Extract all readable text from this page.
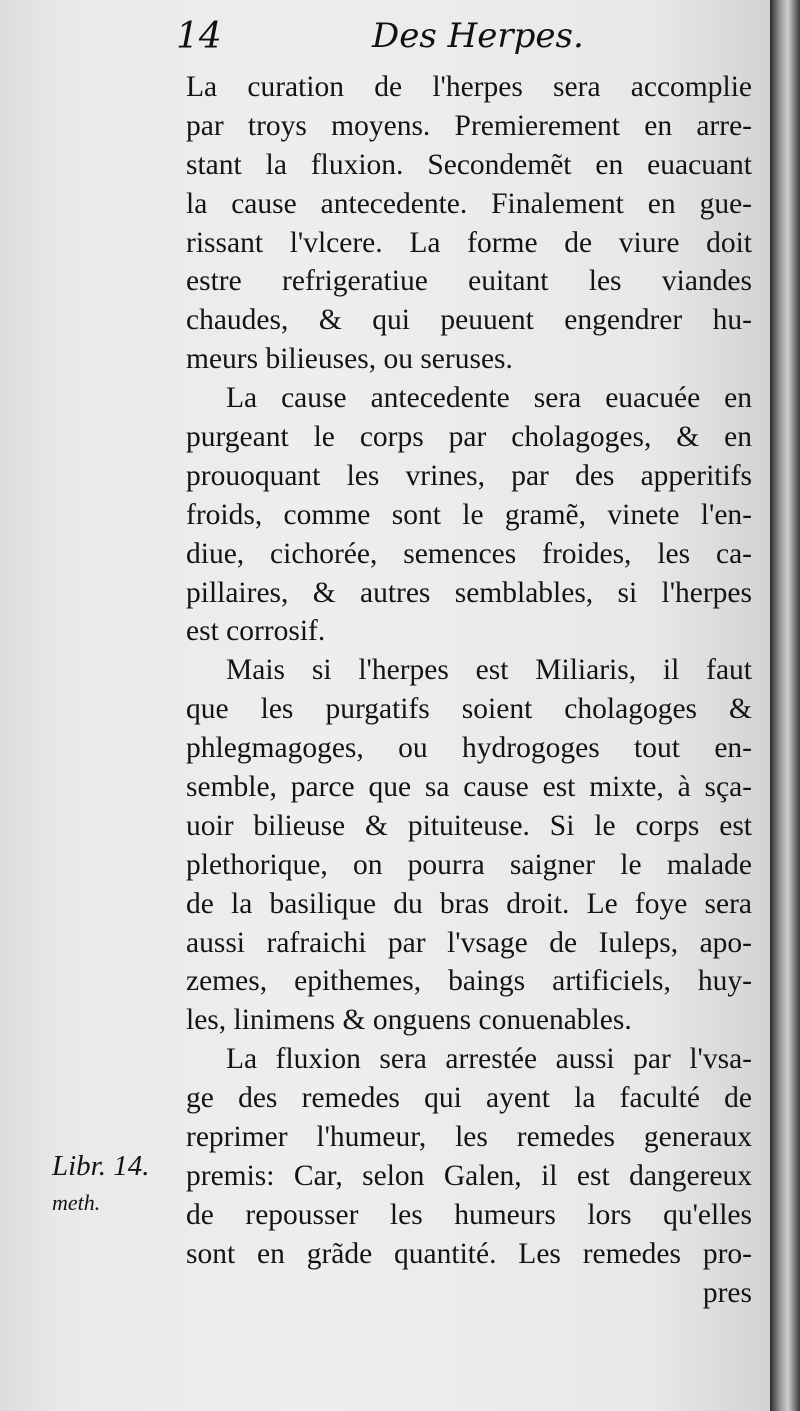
14	Des Herpes.
La curation de l'herpes sera accomplie
par troys moyens. Premierement en arre-
stant la fluxion. Secondemẽt en euacuant
la cause antecedente. Finalement en gue-
rissant l'vlcere. La forme de viure doit
estre refrigeratiue euitant les viandes
chaudes, & qui peuuent engendrer hu-
meurs bilieuses, ou seruses.
La cause antecedente sera euacuée en
purgeant le corps par cholagoges, & en
prouoquant les vrines, par des apperitifs
froids, comme sont le gramẽ, vinete l'en-
diue, cichorée, semences froides, les ca-
pillaires, & autres semblables, si l'herpes
est corrosif.
Mais si l'herpes est Miliaris, il faut
que les purgatifs soient cholagoges &
phlegmagoges, ou hydrogoges tout en-
semble, parce que sa cause est mixte, à sça-
uoir bilieuse & pituiteuse. Si le corps est
plethorique, on pourra saigner le malade
de la basilique du bras droit. Le foye sera
aussi rafraichi par l'vsage de Iuleps, apo-
zemes, epithemes, baings artificiels, huy-
les, linimens & onguens conuenables.
La fluxion sera arrestée aussi par l'vsa-
ge des remedes qui ayent la faculté de
reprimer l'humeur, les remedes generaux
premis: Car, selon Galen, il est dangereux
de repousser les humeurs lors qu'elles
sont en grãde quantité. Les remedes pro-
pres
Libr. 14.
meth.
